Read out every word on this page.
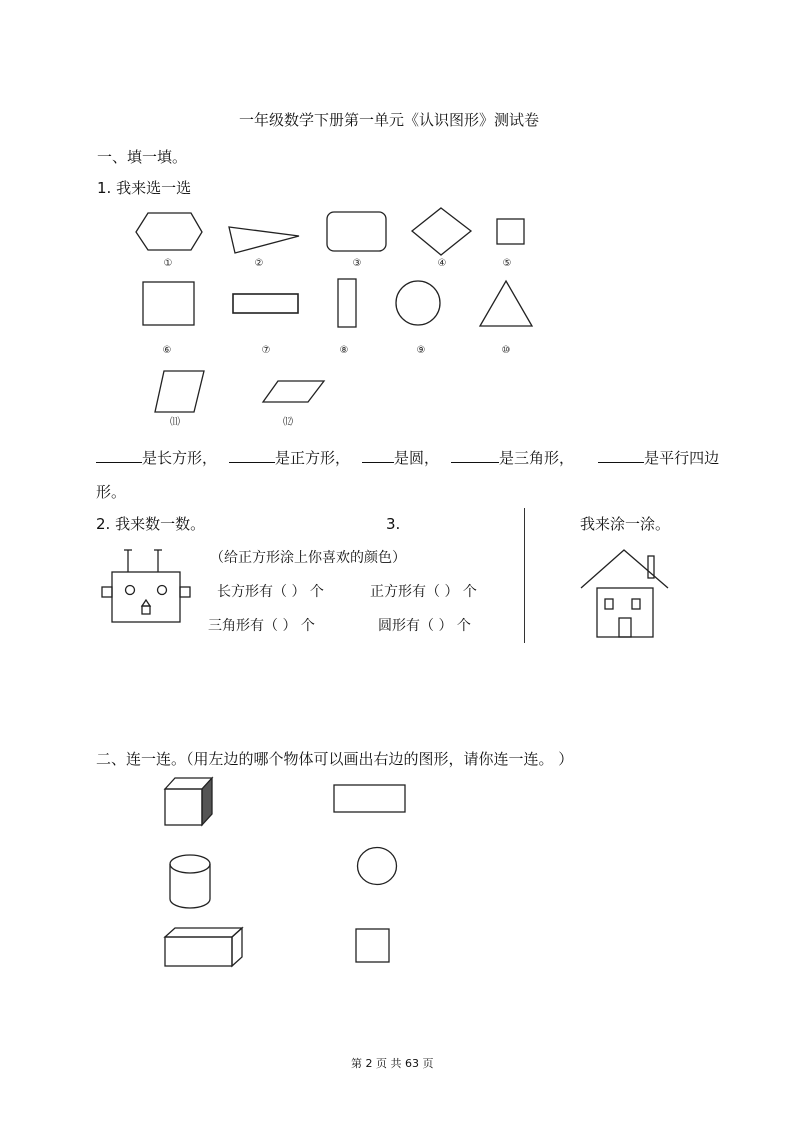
一年级数学下册第一单元《认识图形》测试卷
一、填一填。
1. 我来选一选
①	②	③	④	⑤
⑥	⑦	⑧	⑨	⑩
⑾	⑿
是长方形，	是正方形，	是圆，	是三角形，	是平行四边
形。
2. 我来数一数。	3.	我来涂一涂。
（给正方形涂上你喜欢的颜色）
长方形有（ ） 个	正方形有（ ） 个
三角形有（ ） 个	圆形有（ ） 个
二、连一连。（用左边的哪个物体可以画出右边的图形，请你连一连。 ）
第 2 页 共 63 页
